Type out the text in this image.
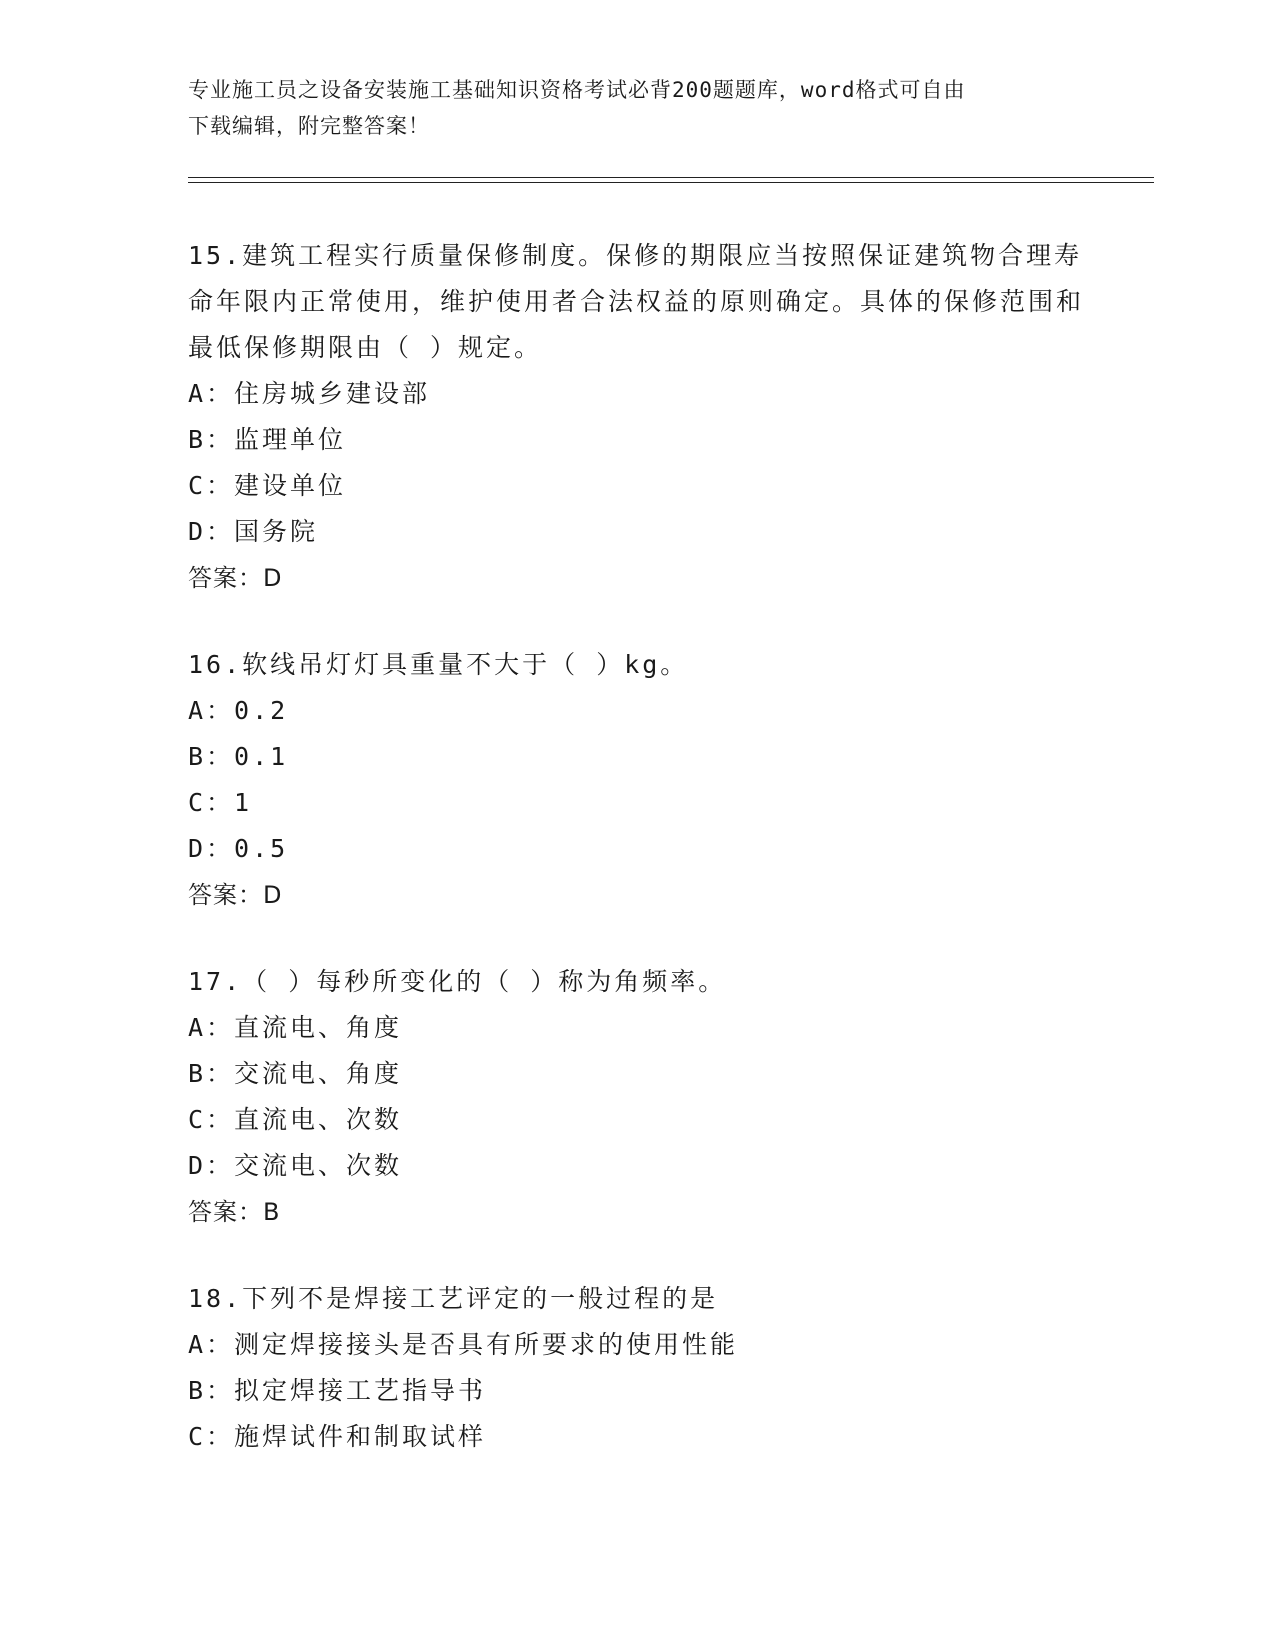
专业施工员之设备安装施工基础知识资格考试必背200题题库，word格式可自由
下载编辑，附完整答案！

15.建筑工程实行质量保修制度。保修的期限应当按照保证建筑物合理寿命年限内正常使用，维护使用者合法权益的原则确定。具体的保修范围和最低保修期限由（ ）规定。

A：住房城乡建设部
B：监理单位
C：建设单位
D：国务院
答案：D

16.软线吊灯灯具重量不大于（ ）kg。

A：0.2
B：0.1
C：1
D：0.5
答案：D

17.（ ）每秒所变化的（ ）称为角频率。

A：直流电、角度
B：交流电、角度
C：直流电、次数
D：交流电、次数
答案：B

18.下列不是焊接工艺评定的一般过程的是

A：测定焊接接头是否具有所要求的使用性能
B：拟定焊接工艺指导书
C：施焊试件和制取试样
